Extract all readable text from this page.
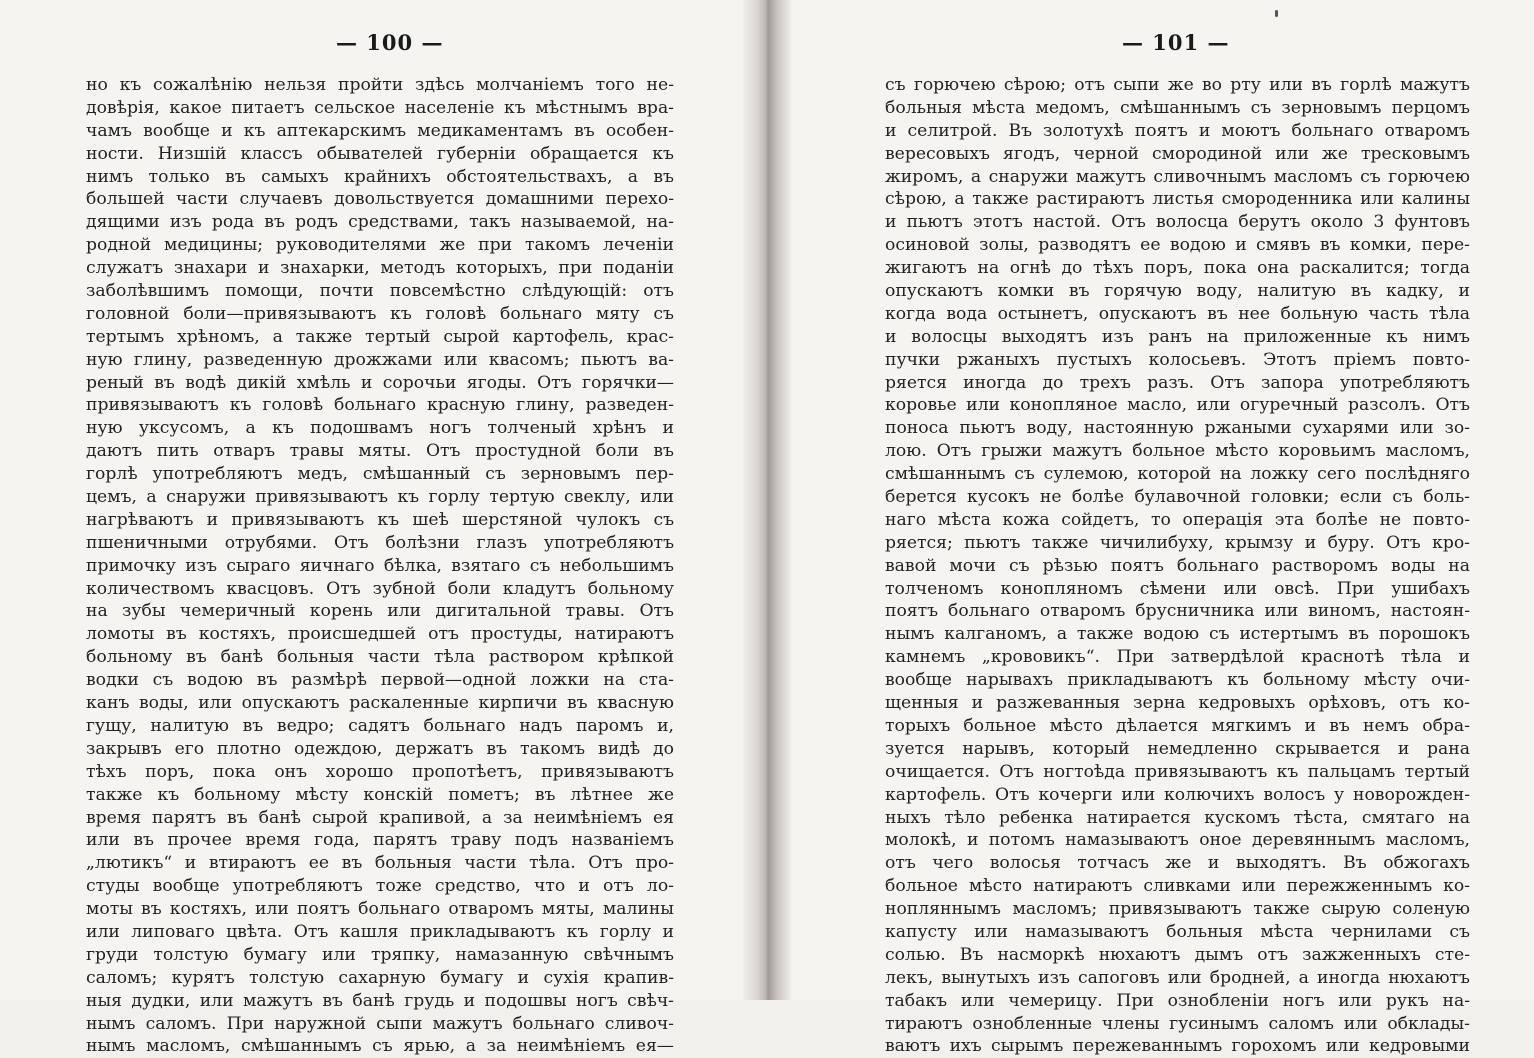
— 100 —
но къ сожалѣнію нельзя пройти здѣсь молчаніемъ того не-
довѣрія, какое питаетъ сельское населеніе къ мѣстнымъ вра-
чамъ вообще и къ аптекарскимъ медикаментамъ въ особен-
ности. Низшій классъ обывателей губерніи обращается къ
нимъ только въ самыхъ крайнихъ обстоятельствахъ, а въ
большей части случаевъ довольствуется домашними перехо-
дящими изъ рода въ родъ средствами, такъ называемой, на-
родной медицины; руководителями же при такомъ леченіи
служатъ знахари и знахарки, методъ которыхъ, при поданіи
заболѣвшимъ помощи, почти повсемѣстно слѣдующій: отъ
головной боли—привязываютъ къ головѣ больнаго мяту съ
тертымъ хрѣномъ, а также тертый сырой картофель, крас-
ную глину, разведенную дрожжами или квасомъ; пьютъ ва-
реный въ водѣ дикій хмѣль и сорочьи ягоды. Отъ горячки—
привязываютъ къ головѣ больнаго красную глину, разведен-
ную уксусомъ, а къ подошвамъ ногъ толченый хрѣнъ и
даютъ пить отваръ травы мяты. Отъ простудной боли въ
горлѣ употребляютъ медъ, смѣшанный съ зерновымъ пер-
цемъ, а снаружи привязываютъ къ горлу тертую свеклу, или
нагрѣваютъ и привязываютъ къ шеѣ шерстяной чулокъ съ
пшеничными отрубями. Отъ болѣзни глазъ употребляютъ
примочку изъ сыраго яичнаго бѣлка, взятаго съ небольшимъ
количествомъ квасцовъ. Отъ зубной боли кладутъ больному
на зубы чемеричный корень или дигитальной травы. Отъ
ломоты въ костяхъ, происшедшей отъ простуды, натираютъ
больному въ банѣ больныя части тѣла раствором крѣпкой
водки съ водою въ размѣрѣ первой—одной ложки на ста-
канъ воды, или опускаютъ раскаленные кирпичи въ квасную
гущу, налитую въ ведро; садятъ больнаго надъ паромъ и,
закрывъ его плотно одеждою, держатъ въ такомъ видѣ до
тѣхъ поръ, пока онъ хорошо пропотѣетъ, привязываютъ
также къ больному мѣсту конскій пометъ; въ лѣтнее же
время парятъ въ банѣ сырой крапивой, а за неимѣніемъ ея
или въ прочее время года, парятъ траву подъ названіемъ
„лютикъ“ и втираютъ ее въ больныя части тѣла. Отъ про-
студы вообще употребляютъ тоже средство, что и отъ ло-
моты въ костяхъ, или поятъ больнаго отваромъ мяты, малины
или липоваго цвѣта. Отъ кашля прикладываютъ къ горлу и
груди толстую бумагу или тряпку, намазанную свѣчнымъ
саломъ; курятъ толстую сахарную бумагу и сухія крапив-
ныя дудки, или мажутъ въ банѣ грудь и подошвы ногъ свѣч-
нымъ саломъ. При наружной сыпи мажутъ больнаго сливоч-
нымъ масломъ, смѣшаннымъ съ ярью, а за неимѣніемъ ея—
— 101 —
съ горючею сѣрою; отъ сыпи же во рту или въ горлѣ мажутъ
больныя мѣста медомъ, смѣшаннымъ съ зерновымъ перцомъ
и селитрой. Въ золотухѣ поятъ и моютъ больнаго отваромъ
вересовыхъ ягодъ, черной смородиной или же тресковымъ
жиромъ, а снаружи мажутъ сливочнымъ масломъ съ горючею
сѣрою, а также растираютъ листья смороденника или калины
и пьютъ этотъ настой. Отъ волосца берутъ около 3 фунтовъ
осиновой золы, разводятъ ее водою и смявъ въ комки, пере-
жигаютъ на огнѣ до тѣхъ поръ, пока она раскалится; тогда
опускаютъ комки въ горячую воду, налитую въ кадку, и
когда вода остынетъ, опускаютъ въ нее больную часть тѣла
и волосцы выходятъ изъ ранъ на приложенные къ нимъ
пучки ржаныхъ пустыхъ колосьевъ. Этотъ пріемъ повто-
ряется иногда до трехъ разъ. Отъ запора употребляютъ
коровье или конопляное масло, или огуречный разсолъ. Отъ
поноса пьютъ воду, настоянную ржаными сухарями или зо-
лою. Отъ грыжи мажутъ больное мѣсто коровьимъ масломъ,
смѣшаннымъ съ сулемою, которой на ложку сего послѣдняго
берется кусокъ не болѣе булавочной головки; если съ боль-
наго мѣста кожа сойдетъ, то операція эта болѣе не повто-
ряется; пьютъ также чичилибуху, крымзу и буру. Отъ кро-
вавой мочи съ рѣзью поятъ больнаго растворомъ воды на
толченомъ конопляномъ сѣмени или овсѣ. При ушибахъ
поятъ больнаго отваромъ брусничника или виномъ, настоян-
нымъ калганомъ, а также водою съ истертымъ въ порошокъ
камнемъ „крововикъ“. При затвердѣлой краснотѣ тѣла и
вообще нарывахъ прикладываютъ къ больному мѣсту очи-
щенныя и разжеванныя зерна кедровыхъ орѣховъ, отъ ко-
торыхъ больное мѣсто дѣлается мягкимъ и въ немъ обра-
зуется нарывъ, который немедленно скрывается и рана
очищается. Отъ ногтоѣда привязываютъ къ пальцамъ тертый
картофель. Отъ кочерги или колючихъ волосъ у новорожден-
ныхъ тѣло ребенка натирается кускомъ тѣста, смятаго на
молокѣ, и потомъ намазываютъ оное деревяннымъ масломъ,
отъ чего волосья тотчасъ же и выходятъ. Въ обжогахъ
больное мѣсто натираютъ сливками или пережженнымъ ко-
нопляннымъ масломъ; привязываютъ также сырую соленую
капусту или намазываютъ больныя мѣста чернилами съ
солью. Въ насморкѣ нюхаютъ дымъ отъ зажженныхъ сте-
лекъ, вынутыхъ изъ сапоговъ или бродней, а иногда нюхаютъ
табакъ или чемерицу. При ознобленіи ногъ или рукъ на-
тираютъ ознобленные члены гусинымъ саломъ или обклады-
ваютъ ихъ сырымъ пережеваннымъ горохомъ или кедровыми
